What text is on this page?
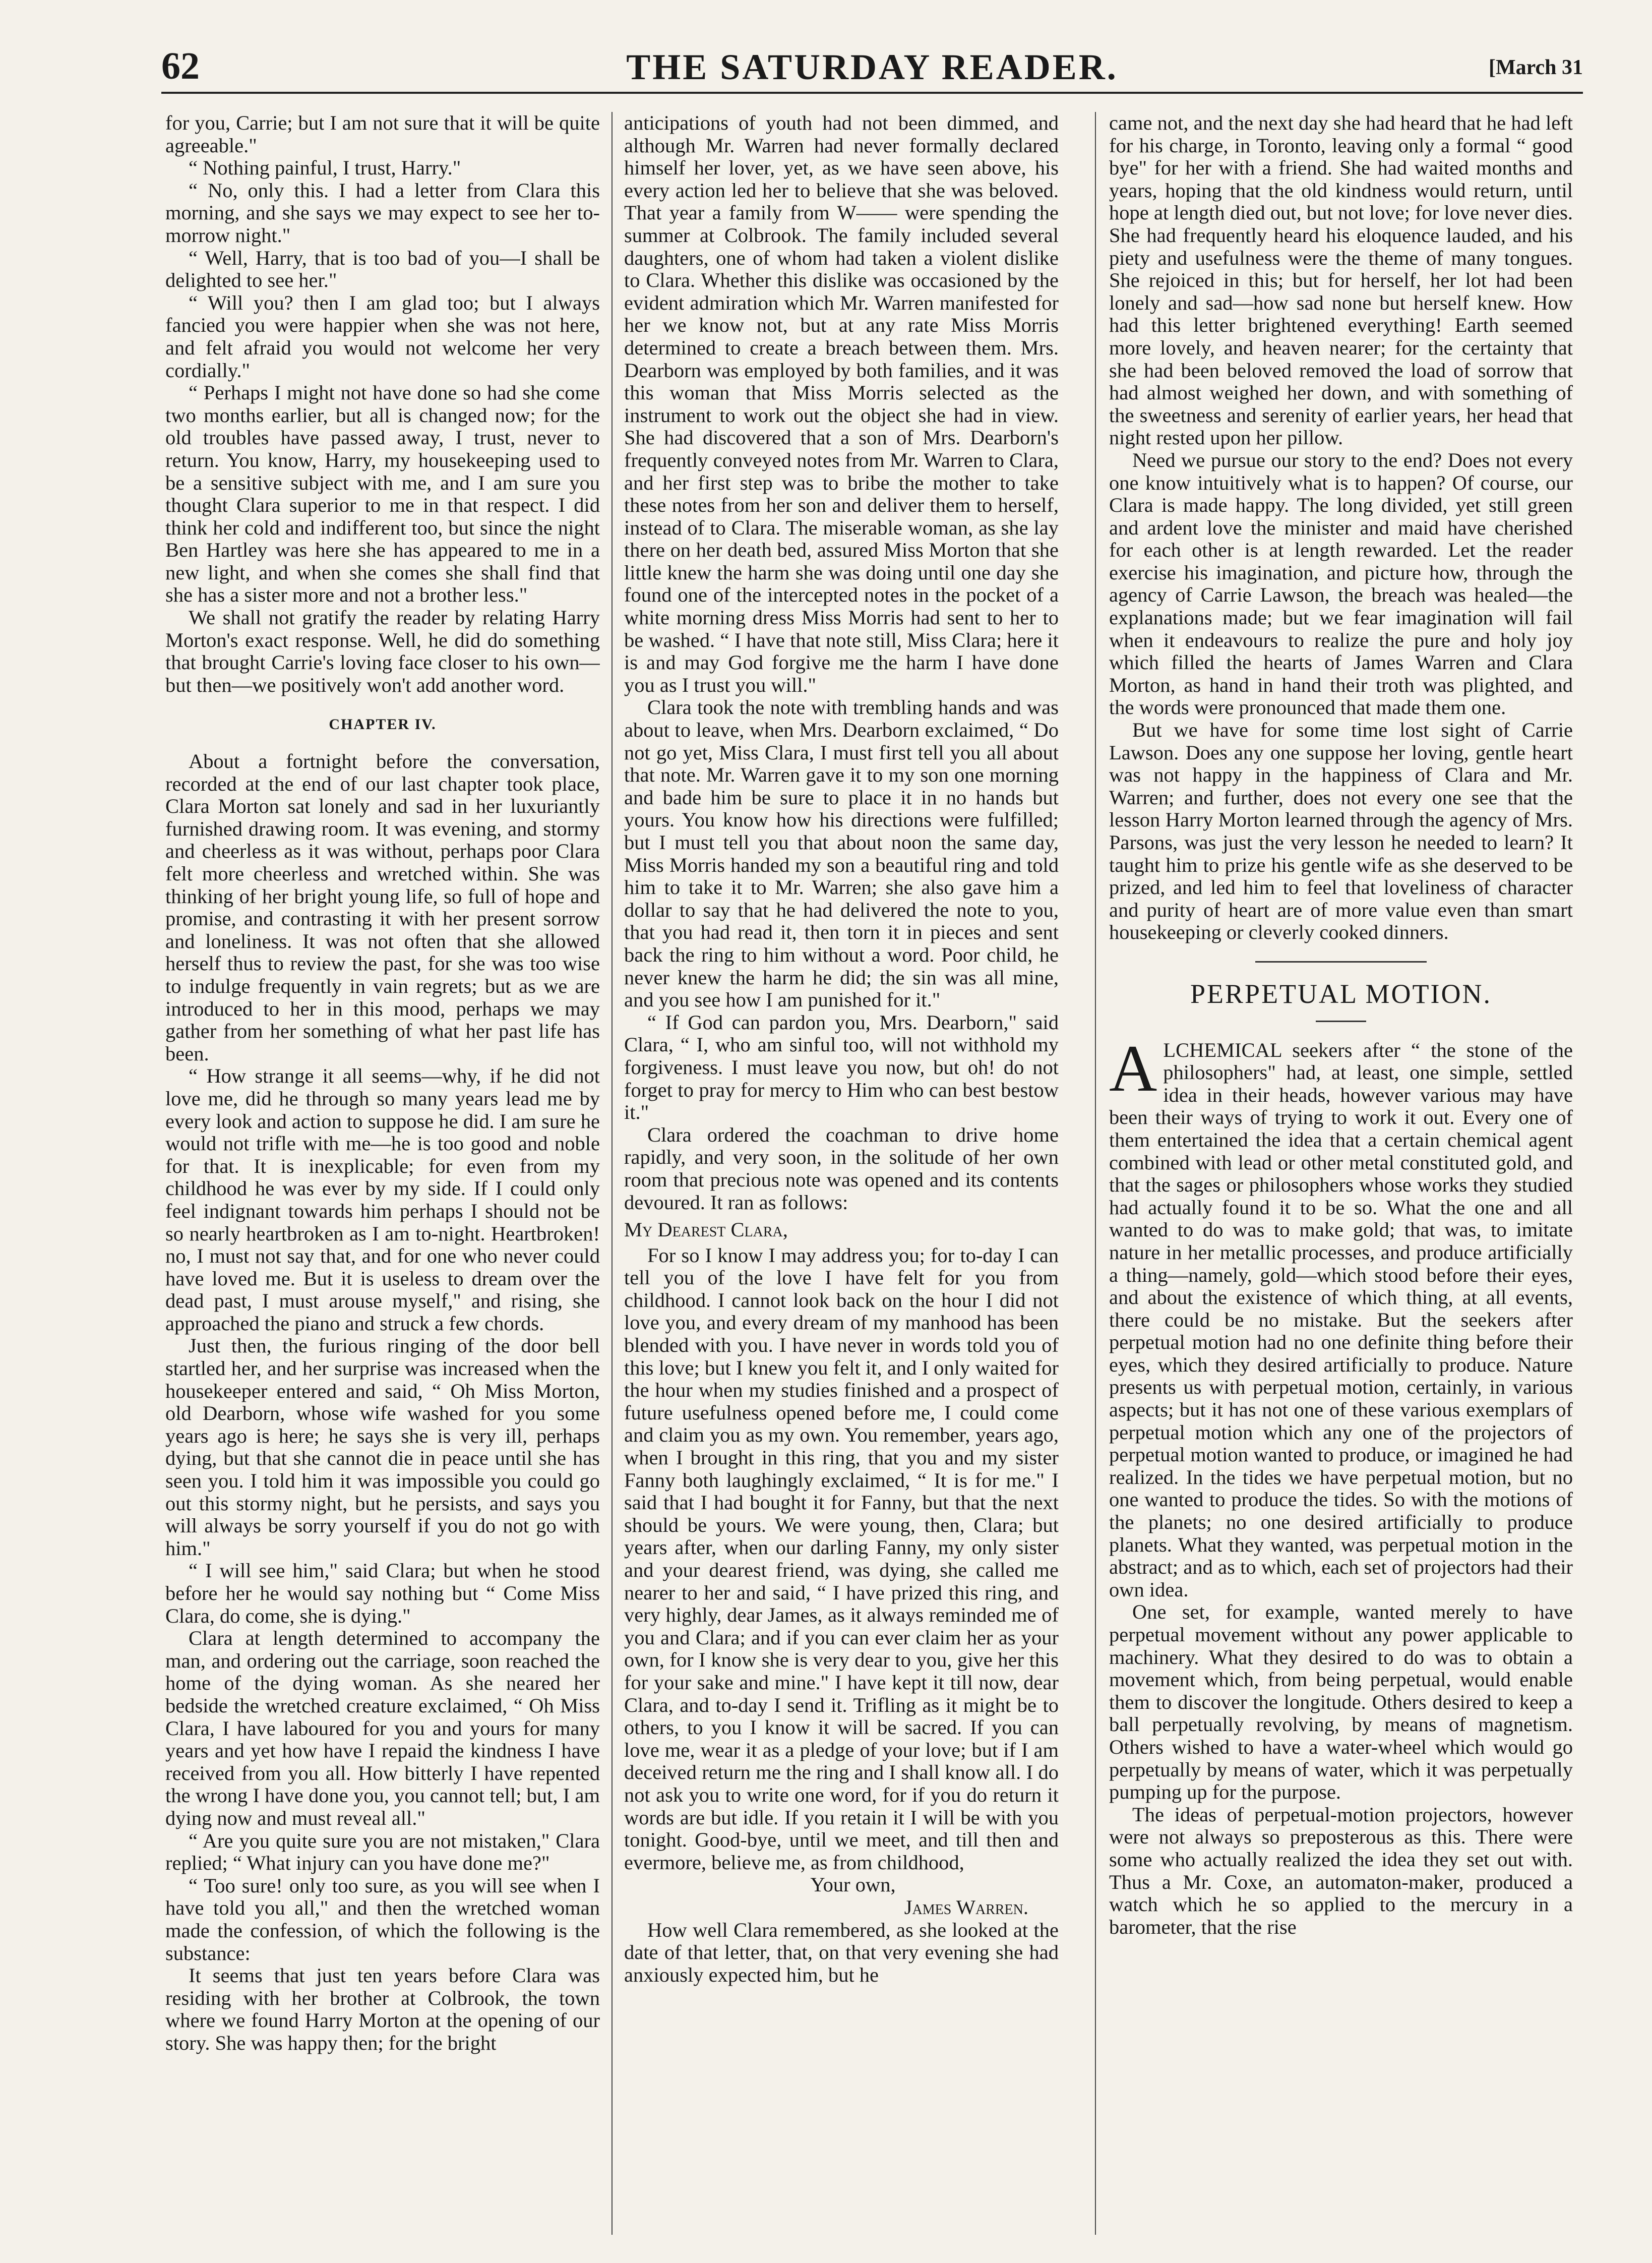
62	THE SATURDAY READER.	[March 31

for you, Carrie; but I am not sure that it will be quite agreeable."

“ Nothing painful, I trust, Harry."

“ No, only this. I had a letter from Clara this morning, and she says we may expect to see her to-morrow night."

“ Well, Harry, that is too bad of you—I shall be delighted to see her."

“ Will you? then I am glad too; but I always fancied you were happier when she was not here, and felt afraid you would not welcome her very cordially."

“ Perhaps I might not have done so had she come two months earlier, but all is changed now; for the old troubles have passed away, I trust, never to return. You know, Harry, my housekeeping used to be a sensitive subject with me, and I am sure you thought Clara superior to me in that respect. I did think her cold and indifferent too, but since the night Ben Hartley was here she has appeared to me in a new light, and when she comes she shall find that she has a sister more and not a brother less."

We shall not gratify the reader by relating Harry Morton's exact response. Well, he did do something that brought Carrie's loving face closer to his own—but then—we positively won't add another word.

CHAPTER IV.

About a fortnight before the conversation, recorded at the end of our last chapter took place, Clara Morton sat lonely and sad in her luxuriantly furnished drawing room. It was evening, and stormy and cheerless as it was without, perhaps poor Clara felt more cheerless and wretched within. She was thinking of her bright young life, so full of hope and promise, and contrasting it with her present sorrow and loneliness. It was not often that she allowed herself thus to review the past, for she was too wise to indulge frequently in vain regrets; but as we are introduced to her in this mood, perhaps we may gather from her something of what her past life has been.

“ How strange it all seems—why, if he did not love me, did he through so many years lead me by every look and action to suppose he did. I am sure he would not trifle with me—he is too good and noble for that. It is inexplicable; for even from my childhood he was ever by my side. If I could only feel indignant towards him perhaps I should not be so nearly heartbroken as I am to-night. Heartbroken! no, I must not say that, and for one who never could have loved me. But it is useless to dream over the dead past, I must arouse myself," and rising, she approached the piano and struck a few chords.

Just then, the furious ringing of the door bell startled her, and her surprise was increased when the housekeeper entered and said, “ Oh Miss Morton, old Dearborn, whose wife washed for you some years ago is here; he says she is very ill, perhaps dying, but that she cannot die in peace until she has seen you. I told him it was impossible you could go out this stormy night, but he persists, and says you will always be sorry yourself if you do not go with him."

“ I will see him," said Clara; but when he stood before her he would say nothing but “ Come Miss Clara, do come, she is dying."

Clara at length determined to accompany the man, and ordering out the carriage, soon reached the home of the dying woman. As she neared her bedside the wretched creature exclaimed, “ Oh Miss Clara, I have laboured for you and yours for many years and yet how have I repaid the kindness I have received from you all. How bitterly I have repented the wrong I have done you, you cannot tell; but, I am dying now and must reveal all."

“ Are you quite sure you are not mistaken," Clara replied; “ What injury can you have done me?"

“ Too sure! only too sure, as you will see when I have told you all," and then the wretched woman made the confession, of which the following is the substance:

It seems that just ten years before Clara was residing with her brother at Colbrook, the town where we found Harry Morton at the opening of our story. She was happy then; for the bright

anticipations of youth had not been dimmed, and although Mr. Warren had never formally declared himself her lover, yet, as we have seen above, his every action led her to believe that she was beloved. That year a family from W—— were spending the summer at Colbrook. The family included several daughters, one of whom had taken a violent dislike to Clara. Whether this dislike was occasioned by the evident admiration which Mr. Warren manifested for her we know not, but at any rate Miss Morris determined to create a breach between them. Mrs. Dearborn was employed by both families, and it was this woman that Miss Morris selected as the instrument to work out the object she had in view. She had discovered that a son of Mrs. Dearborn's frequently conveyed notes from Mr. Warren to Clara, and her first step was to bribe the mother to take these notes from her son and deliver them to herself, instead of to Clara. The miserable woman, as she lay there on her death bed, assured Miss Morton that she little knew the harm she was doing until one day she found one of the intercepted notes in the pocket of a white morning dress Miss Morris had sent to her to be washed. “ I have that note still, Miss Clara; here it is and may God forgive me the harm I have done you as I trust you will."

Clara took the note with trembling hands and was about to leave, when Mrs. Dearborn exclaimed, “ Do not go yet, Miss Clara, I must first tell you all about that note. Mr. Warren gave it to my son one morning and bade him be sure to place it in no hands but yours. You know how his directions were fulfilled; but I must tell you that about noon the same day, Miss Morris handed my son a beautiful ring and told him to take it to Mr. Warren; she also gave him a dollar to say that he had delivered the note to you, that you had read it, then torn it in pieces and sent back the ring to him without a word. Poor child, he never knew the harm he did; the sin was all mine, and you see how I am punished for it."

“ If God can pardon you, Mrs. Dearborn," said Clara, “ I, who am sinful too, will not withhold my forgiveness. I must leave you now, but oh! do not forget to pray for mercy to Him who can best bestow it."

Clara ordered the coachman to drive home rapidly, and very soon, in the solitude of her own room that precious note was opened and its contents devoured. It ran as follows:

My Dearest Clara,

For so I know I may address you; for to-day I can tell you of the love I have felt for you from childhood. I cannot look back on the hour I did not love you, and every dream of my manhood has been blended with you. I have never in words told you of this love; but I knew you felt it, and I only waited for the hour when my studies finished and a prospect of future usefulness opened before me, I could come and claim you as my own. You remember, years ago, when I brought in this ring, that you and my sister Fanny both laughingly exclaimed, “ It is for me." I said that I had bought it for Fanny, but that the next should be yours. We were young, then, Clara; but years after, when our darling Fanny, my only sister and your dearest friend, was dying, she called me nearer to her and said, “ I have prized this ring, and very highly, dear James, as it always reminded me of you and Clara; and if you can ever claim her as your own, for I know she is very dear to you, give her this for your sake and mine." I have kept it till now, dear Clara, and to-day I send it. Trifling as it might be to others, to you I know it will be sacred. If you can love me, wear it as a pledge of your love; but if I am deceived return me the ring and I shall know all. I do not ask you to write one word, for if you do return it words are but idle. If you retain it I will be with you tonight. Good-bye, until we meet, and till then and evermore, believe me, as from childhood,

Your own,

James Warren.

How well Clara remembered, as she looked at the date of that letter, that, on that very evening she had anxiously expected him, but he

came not, and the next day she had heard that he had left for his charge, in Toronto, leaving only a formal “ good bye" for her with a friend. She had waited months and years, hoping that the old kindness would return, until hope at length died out, but not love; for love never dies. She had frequently heard his eloquence lauded, and his piety and usefulness were the theme of many tongues. She rejoiced in this; but for herself, her lot had been lonely and sad—how sad none but herself knew. How had this letter brightened everything! Earth seemed more lovely, and heaven nearer; for the certainty that she had been beloved removed the load of sorrow that had almost weighed her down, and with something of the sweetness and serenity of earlier years, her head that night rested upon her pillow.

Need we pursue our story to the end? Does not every one know intuitively what is to happen? Of course, our Clara is made happy. The long divided, yet still green and ardent love the minister and maid have cherished for each other is at length rewarded. Let the reader exercise his imagination, and picture how, through the agency of Carrie Lawson, the breach was healed—the explanations made; but we fear imagination will fail when it endeavours to realize the pure and holy joy which filled the hearts of James Warren and Clara Morton, as hand in hand their troth was plighted, and the words were pronounced that made them one.

But we have for some time lost sight of Carrie Lawson. Does any one suppose her loving, gentle heart was not happy in the happiness of Clara and Mr. Warren; and further, does not every one see that the lesson Harry Morton learned through the agency of Mrs. Parsons, was just the very lesson he needed to learn? It taught him to prize his gentle wife as she deserved to be prized, and led him to feel that loveliness of character and purity of heart are of more value even than smart housekeeping or cleverly cooked dinners.

PERPETUAL MOTION.

ALCHEMICAL seekers after “ the stone of the philosophers" had, at least, one simple, settled idea in their heads, however various may have been their ways of trying to work it out. Every one of them entertained the idea that a certain chemical agent combined with lead or other metal constituted gold, and that the sages or philosophers whose works they studied had actually found it to be so. What the one and all wanted to do was to make gold; that was, to imitate nature in her metallic processes, and produce artificially a thing—namely, gold—which stood before their eyes, and about the existence of which thing, at all events, there could be no mistake. But the seekers after perpetual motion had no one definite thing before their eyes, which they desired artificially to produce. Nature presents us with perpetual motion, certainly, in various aspects; but it has not one of these various exemplars of perpetual motion which any one of the projectors of perpetual motion wanted to produce, or imagined he had realized. In the tides we have perpetual motion, but no one wanted to produce the tides. So with the motions of the planets; no one desired artificially to produce planets. What they wanted, was perpetual motion in the abstract; and as to which, each set of projectors had their own idea.

One set, for example, wanted merely to have perpetual movement without any power applicable to machinery. What they desired to do was to obtain a movement which, from being perpetual, would enable them to discover the longitude. Others desired to keep a ball perpetually revolving, by means of magnetism. Others wished to have a water-wheel which would go perpetually by means of water, which it was perpetually pumping up for the purpose.

The ideas of perpetual-motion projectors, however were not always so preposterous as this. There were some who actually realized the idea they set out with. Thus a Mr. Coxe, an automaton-maker, produced a watch which he so applied to the mercury in a barometer, that the rise
